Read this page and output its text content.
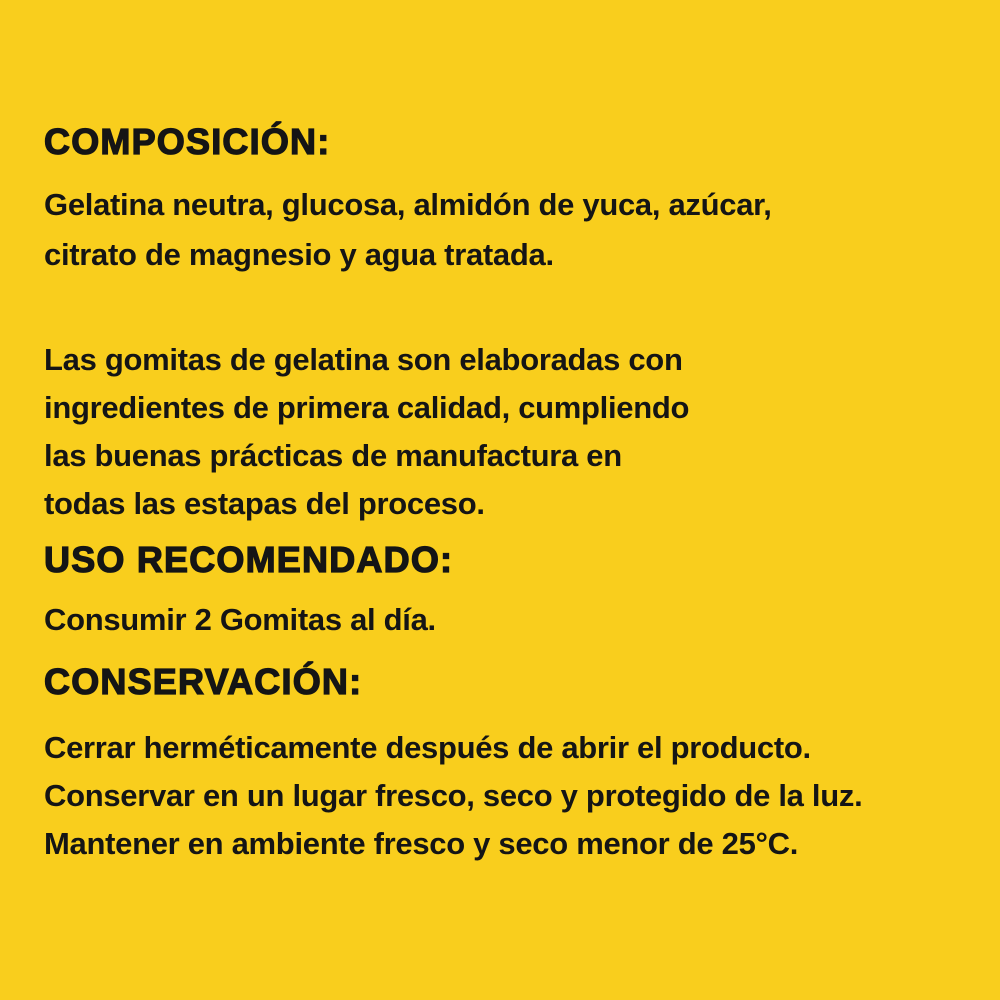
COMPOSICIÓN:
Gelatina neutra, glucosa, almidón de yuca, azúcar,
citrato de magnesio y agua tratada.
Las gomitas de gelatina son elaboradas con
ingredientes de primera calidad, cumpliendo
las buenas prácticas de manufactura en
todas las estapas del proceso.
USO RECOMENDADO:
Consumir 2 Gomitas al día.
CONSERVACIÓN:
Cerrar herméticamente después de abrir el producto.
Conservar en un lugar fresco, seco y protegido de la luz.
Mantener en ambiente fresco y seco menor de 25°C.
